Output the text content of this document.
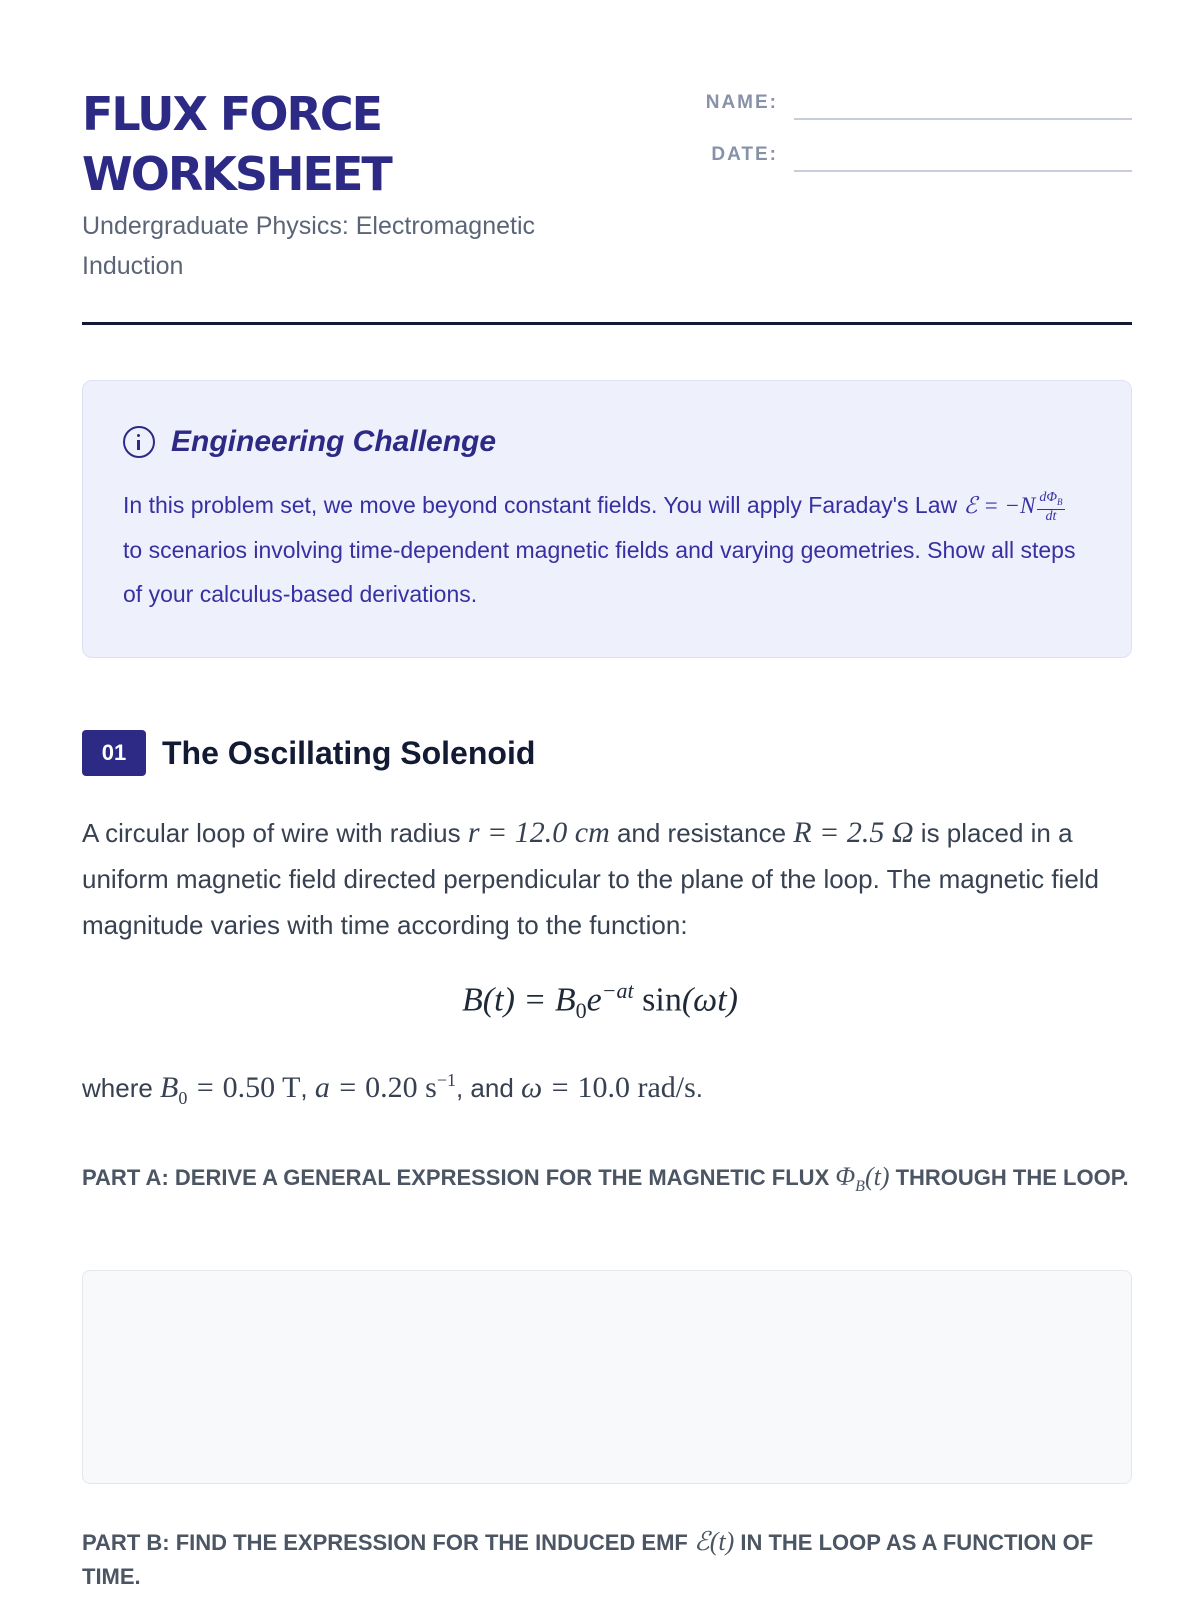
FLUX FORCE WORKSHEET
Undergraduate Physics: Electromagnetic Induction
NAME:
DATE:
Engineering Challenge
In this problem set, we move beyond constant fields. You will apply Faraday's Law ℰ = $-N \frac{d\Phi_B}{dt}$
to scenarios involving time-dependent magnetic fields and varying geometries. Show all steps of your calculus-based derivations.
01	The Oscillating Solenoid
A circular loop of wire with radius r = 12.0 cm and resistance R = 2.5 Ω is placed in a uniform magnetic field directed perpendicular to the plane of the loop. The magnetic field magnitude varies with time according to the function:
$B(t) = B_0e^{-at}$ sin(ωt)
where $B_0 = 0.50$ T, a = 0.20 $s^{-1}$, and ω = 10.0 rad/s.
PART A: DERIVE A GENERAL EXPRESSION FOR THE MAGNETIC FLUX $\Phi_B(t)$ THROUGH THE LOOP.
PART B: FIND THE EXPRESSION FOR THE INDUCED EMF ℰ(t) IN THE LOOP AS A FUNCTION OF TIME.
